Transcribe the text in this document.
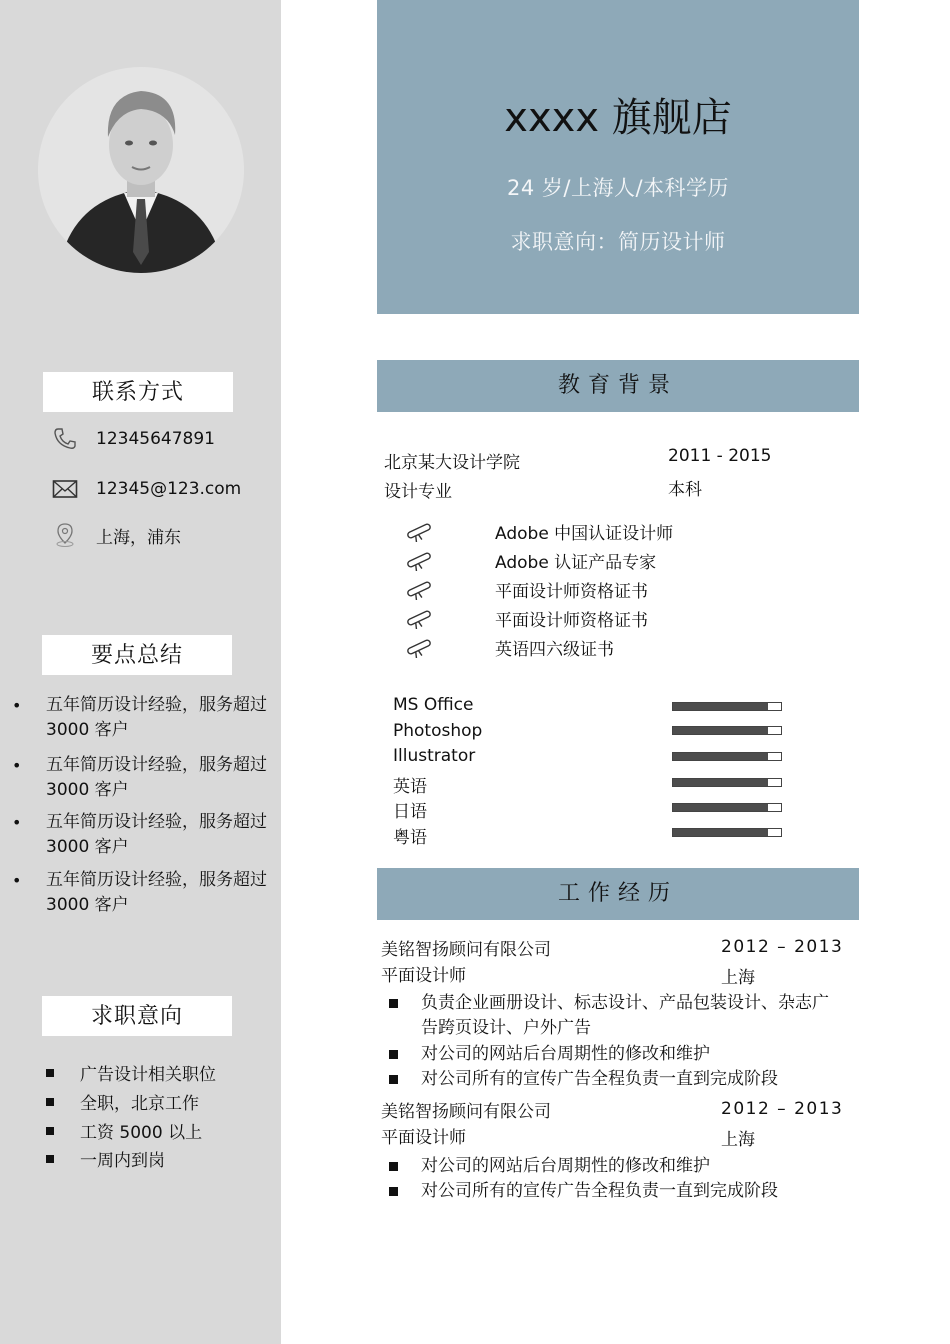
联系方式
12345647891
12345@123.com
上海，浦东
要点总结
•	五年简历设计经验，服务超过 3000 客户
•	五年简历设计经验，服务超过 3000 客户
•	五年简历设计经验，服务超过 3000 客户
•	五年简历设计经验，服务超过 3000 客户
求职意向
广告设计相关职位
全职，北京工作
工资 5000 以上
一周内到岗
xxxx 旗舰店
24 岁/上海人/本科学历
求职意向：简历设计师
教育背景
北京某大设计学院	2011 - 2015
设计专业	本科
Adobe 中国认证设计师
Adobe 认证产品专家
平面设计师资格证书
平面设计师资格证书
英语四六级证书
MS Office
Photoshop
Illustrator
英语
日语
粤语
工作经历
美铭智扬顾问有限公司	2012 – 2013
平面设计师	上海
负责企业画册设计、标志设计、产品包装设计、杂志广告跨页设计、户外广告
对公司的网站后台周期性的修改和维护
对公司所有的宣传广告全程负责一直到完成阶段
美铭智扬顾问有限公司	2012 – 2013
平面设计师	上海
对公司的网站后台周期性的修改和维护
对公司所有的宣传广告全程负责一直到完成阶段
